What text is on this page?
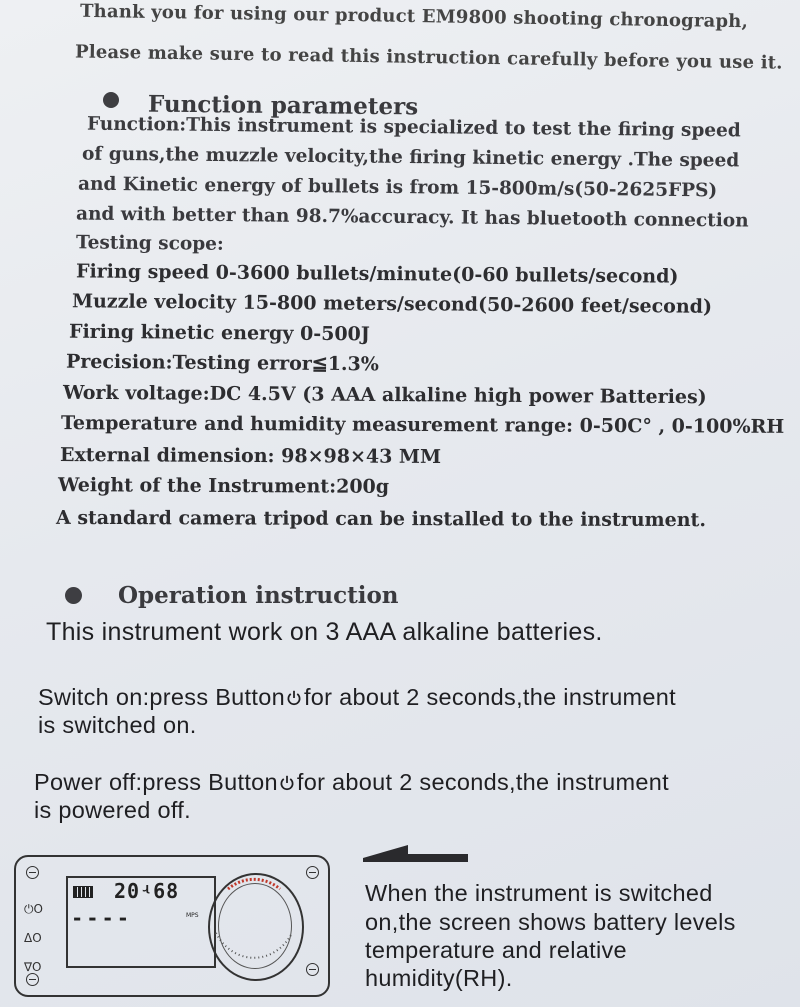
Thank you for using our product EM9800 shooting chronograph,
Please make sure to read this instruction carefully before you use it.
Function parameters
Function:This instrument is specialized to test the firing speed
of guns,the muzzle velocity,the firing kinetic energy .The speed
and Kinetic energy of bullets is from 15-800m/s(50-2625FPS)
and with better than 98.7%accuracy. It has bluetooth connection
Testing scope:
Firing speed 0-3600 bullets/minute(0-60 bullets/second)
Muzzle velocity 15-800 meters/second(50-2600 feet/second)
Firing kinetic energy 0-500J
Precision:Testing error≦1.3%
Work voltage:DC 4.5V (3 AAA alkaline high power Batteries)
Temperature and humidity measurement range: 0-50C° , 0-100%RH
External dimension: 98×98×43 MM
Weight of the Instrument:200g
A standard camera tripod can be installed to the instrument.
Operation instruction
This instrument work on 3 AAA alkaline batteries.
Switch on:press Button for about 2 seconds,the instrument
is switched on.
Power off:press Button for about 2 seconds,the instrument
is powered off.
⏻O
ΔO
∇O
20ʵ68
- - - -	MPS
When the instrument is switched
on,the screen shows battery levels
temperature and relative
humidity(RH).
